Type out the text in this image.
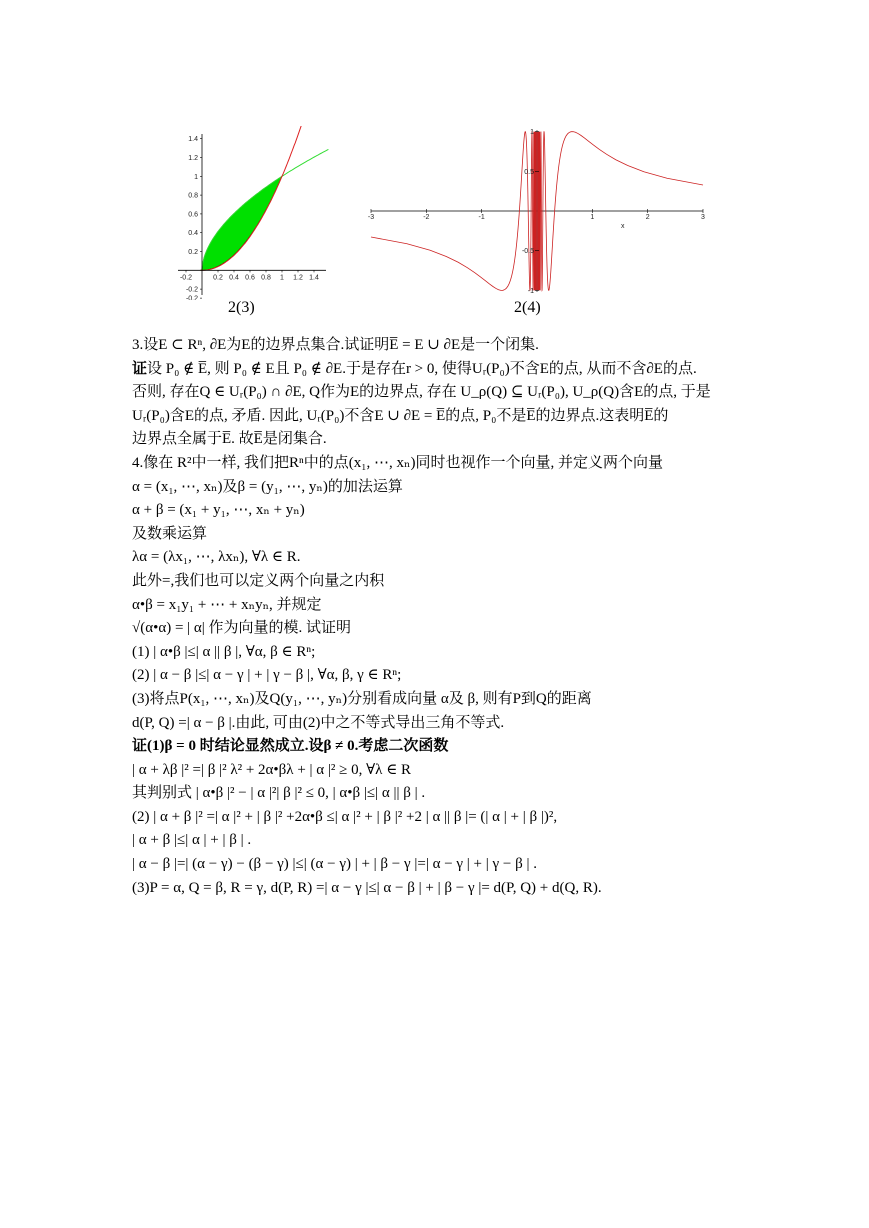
1.4
1.2
1
0.8
0.6
0.4
0.2
-0.2
-0.2
-0.2	0.2 0.4 0.6 0.8 1 1.2 1.4
2(3)
-3	-2	-1	1	2	3
x
1
0.5
-0.5
-1
2(4)
3.设E ⊂ Rⁿ, ∂E为E的边界点集合.试证明E̅ = E ∪ ∂E是一个闭集.
证设 P₀ ∉ E̅, 则 P₀ ∉ E且 P₀ ∉ ∂E.于是存在r > 0, 使得Uᵣ(P₀)不含E的点, 从而不含∂E的点.
否则, 存在Q ∈ Uᵣ(P₀) ∩ ∂E, Q作为E的边界点, 存在 U_ρ(Q) ⊆ Uᵣ(P₀), U_ρ(Q)含E的点, 于是
Uᵣ(P₀)含E的点, 矛盾. 因此, Uᵣ(P₀)不含E ∪ ∂E = E̅的点, P₀不是E̅的边界点.这表明E̅的
边界点全属于E̅. 故E̅是闭集合.
4.像在 R²中一样, 我们把Rⁿ中的点(x₁, ⋯, xₙ)同时也视作一个向量, 并定义两个向量
α = (x₁, ⋯, xₙ)及β = (y₁, ⋯, yₙ)的加法运算
α + β = (x₁ + y₁, ⋯, xₙ + yₙ)
及数乘运算
λα = (λx₁, ⋯, λxₙ), ∀λ ∈ R.
此外=,我们也可以定义两个向量之内积
α•β = x₁y₁ + ⋯ + xₙyₙ, 并规定
√(α•α) = | α| 作为向量的模. 试证明
(1) | α•β |≤| α || β |, ∀α, β ∈ Rⁿ;
(2) | α − β |≤| α − γ | + | γ − β |, ∀α, β, γ ∈ Rⁿ;
(3)将点P(x₁, ⋯, xₙ)及Q(y₁, ⋯, yₙ)分别看成向量 α及 β, 则有P到Q的距离
d(P, Q) =| α − β |.由此, 可由(2)中之不等式导出三角不等式.
证(1)β = 0 时结论显然成立.设β ≠ 0.考虑二次函数
| α + λβ |² =| β |² λ² + 2α•βλ + | α |² ≥ 0, ∀λ ∈ R
其判别式 | α•β |² − | α |²| β |² ≤ 0, | α•β |≤| α || β | .
(2) | α + β |² =| α |² + | β |² +2α•β ≤| α |² + | β |² +2 | α || β |= (| α | + | β |)²,
| α + β |≤| α | + | β | .
| α − β |=| (α − γ) − (β − γ) |≤| (α − γ) | + | β − γ |=| α − γ | + | γ − β | .
(3)P = α, Q = β, R = γ, d(P, R) =| α − γ |≤| α − β | + | β − γ |= d(P, Q) + d(Q, R).
